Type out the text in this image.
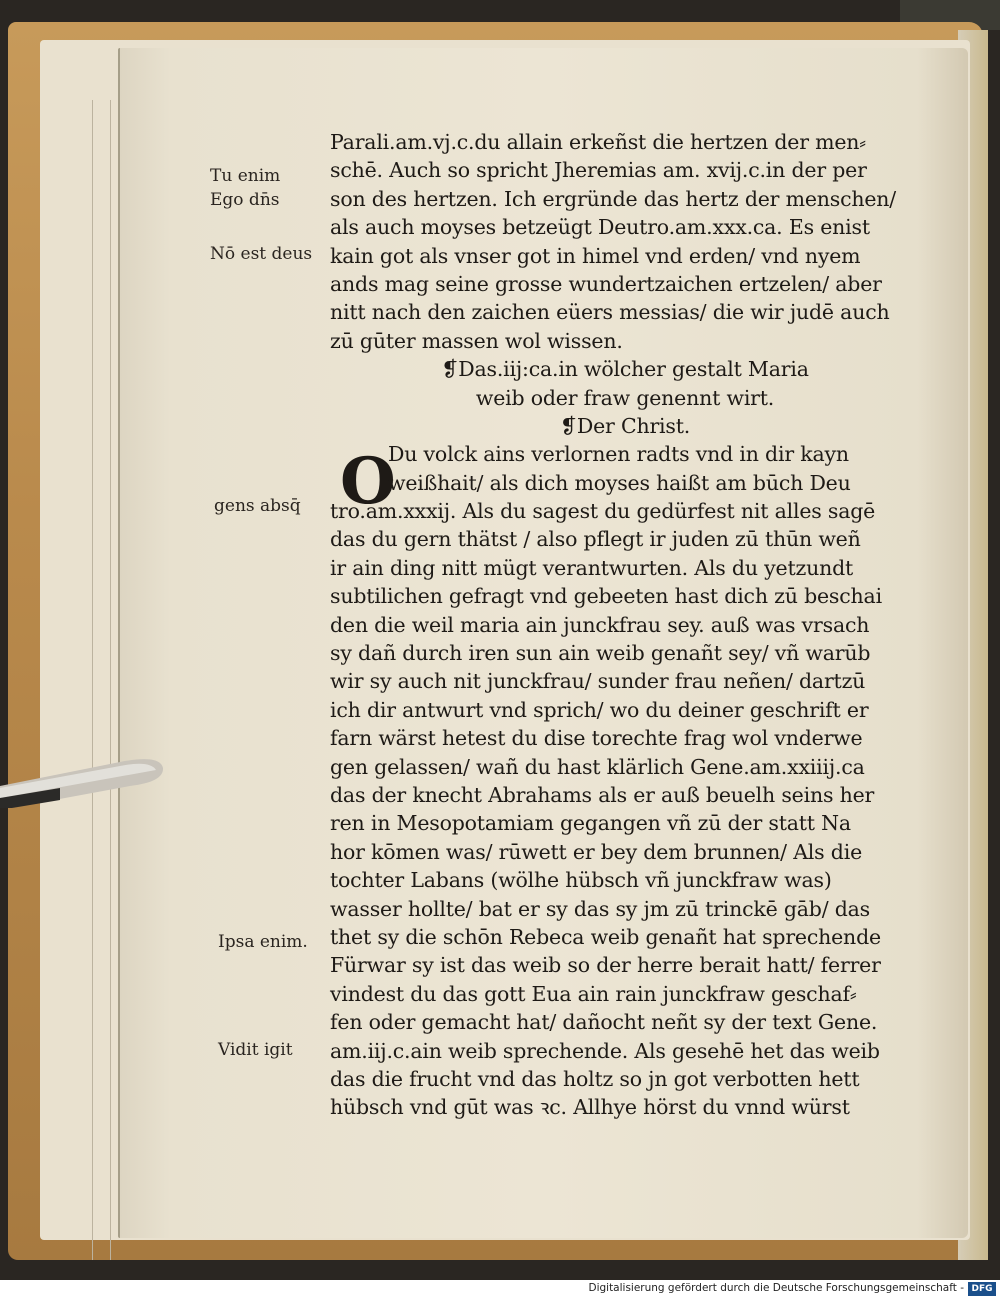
Tu enim
Ego dn̄s
Nō est deus
gens absq̄
Ipsa enim.
Vidit igit
O
Parali.am.vj.c.du allain erkeñst die hertzen der men⸗
schē. Auch so spricht Jheremias am. xvij.c.in der per
son des hertzen. Ich ergründe das hertz der menschen/
als auch moyses betzeügt Deutro.am.xxx.ca. Es enist
kain got als vnser got in himel vnd erden/ vnd nyem
ands mag seine grosse wundertzaichen ertzelen/ aber
nitt nach den zaichen eüers messias/ die wir judē auch
zū gūter massen wol wissen.
❡Das.iij:ca.in wölcher gestalt Maria
weib oder fraw genennt wirt.
❡Der Christ.
Du volck ains verlornen radts vnd in dir kayn
weißhait/ als dich moyses haißt am būch Deu
tro.am.xxxij. Als du sagest du gedürfest nit alles sagē
das du gern thätst / also pflegt ir juden zū thūn weñ
ir ain ding nitt mügt verantwurten. Als du yetzundt
subtilichen gefragt vnd gebeeten hast dich zū beschai
den die weil maria ain junckfrau sey. auß was vrsach
sy dañ durch iren sun ain weib genañt sey/ vñ warūb
wir sy auch nit junckfrau/ sunder frau neñen/ dartzū
ich dir antwurt vnd sprich/ wo du deiner geschrift er
farn wärst hetest du dise torechte frag wol vnderwe
gen gelassen/ wañ du hast klärlich Gene.am.xxiiij.ca
das der knecht Abrahams als er auß beuelh seins her
ren in Mesopotamiam gegangen vñ zū der statt Na
hor kōmen was/ rūwett er bey dem brunnen/ Als die
tochter Labans (wölhe hübsch vñ junckfraw was)
wasser hollte/ bat er sy das sy jm zū trinckē gāb/ das
thet sy die schōn Rebeca weib genañt hat sprechende
Fürwar sy ist das weib so der herre berait hatt/ ferrer
vindest du das gott Eua ain rain junckfraw geschaf⸗
fen oder gemacht hat/ dañocht neñt sy der text Gene.
am.iij.c.ain weib sprechende. Als gesehē het das weib
das die frucht vnd das holtz so jn got verbotten hett
hübsch vnd gūt was ꝛc. Allhye hörst du vnnd würst
Digitalisierung gefördert durch die Deutsche Forschungsgemeinschaft - DFG
